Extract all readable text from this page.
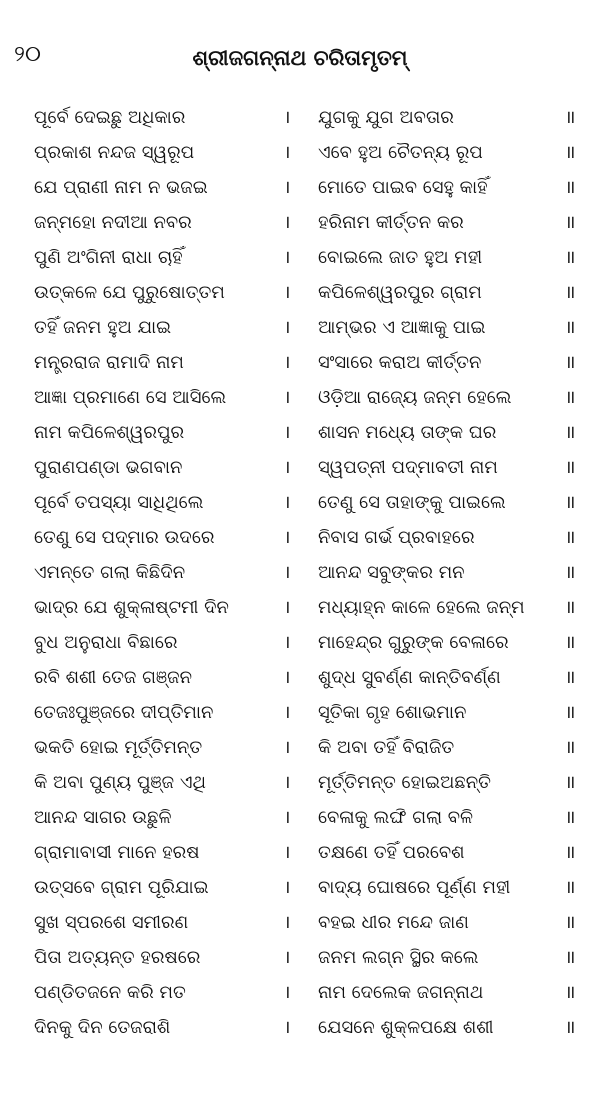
୨୦	ଶ୍ରୀଜଗନ୍ନାଥ ଚରିତାମୃତମ୍
ପୂର୍ବେ ଦେଇଛୁ ଅଧିକାର	। ଯୁଗକୁ ଯୁଗ ଅବତାର	॥
ପ୍ରକାଶ ନନ୍ଦଜ ସ୍ୱରୂପ	। ଏବେ ହୁଅ ଚୈତନ୍ୟ ରୂପ	॥
ଯେ ପ୍ରାଣୀ ନାମ ନ ଭଜଇ	। ମୋତେ ପାଇବ ସେହୁ କାହିଁ	॥
ଜନ୍ମହୋ ନଦୀଆ ନବର	। ହରିନାମ କୀର୍ତ୍ତନ କର	॥
ପୁଣି ଅଂଗିନୀ ରାଧା ଚାହିଁ	। ବୋଇଲେ ଜାତ ହୁଅ ମହୀ	॥
ଉତ୍କଳେ ଯେ ପୁରୁଷୋତ୍ତମ	। କପିଳେଶ୍ୱରପୁର ଗ୍ରାମ	॥
ତହିଁ ଜନମ ହୁଅ ଯାଇ	। ଆମ୍ଭର ଏ ଆଜ୍ଞାକୁ ପାଇ	॥
ମନ୍ତ୍ରରାଜ ରାମାଦି ନାମ	। ସଂସାରେ କରାଅ କୀର୍ତ୍ତନ	॥
ଆଜ୍ଞା ପ୍ରମାଣେ ସେ ଆସିଲେ	। ଓଡ଼ିଆ ରାଜ୍ୟେ ଜନ୍ମ ହେଲେ	॥
ନାମ କପିଳେଶ୍ୱରପୁର	। ଶାସନ ମଧ୍ୟେ ତାଙ୍କ ଘର	॥
ପୁରାଣପଣ୍ଡା ଭଗବାନ	। ସ୍ୱପତ୍ନୀ ପଦ୍ମାବତୀ ନାମ	॥
ପୂର୍ବେ ତପସ୍ୟା ସାଧିଥିଲେ	। ତେଣୁ ସେ ତାହାଙ୍କୁ ପାଇଲେ	॥
ତେଣୁ ସେ ପଦ୍ମାର ଉଦରେ	। ନିବାସ ଗର୍ଭ ପ୍ରବାହରେ	॥
ଏମନ୍ତେ ଗଲା କିଛିଦିନ	। ଆନନ୍ଦ ସବୁଙ୍କର ମନ	॥
ଭାଦ୍ର ଯେ ଶୁକ୍ଳାଷ୍ଟମୀ ଦିନ	। ମଧ୍ୟାହ୍ନ କାଳେ ହେଲେ ଜନ୍ମ	॥
ବୁଧ ଅନୁରାଧା ବିଛାରେ	। ମାହେନ୍ଦ୍ର ଗୁରୁଙ୍କ ବେଳାରେ	॥
ରବି ଶଶୀ ତେଜ ଗଞ୍ଜନ	। ଶୁଦ୍ଧ ସୁବର୍ଣ୍ଣ କାନ୍ତିବର୍ଣ୍ଣ	॥
ତେଜଃପୁଞ୍ଜରେ ଦୀପ୍ତିମାନ	। ସୂତିକା ଗୃହ ଶୋଭମାନ	॥
ଭକତି ହୋଇ ମୂର୍ତ୍ତିମନ୍ତ	। କି ଅବା ତହିଁ ବିରାଜିତ	॥
କି ଅବା ପୁଣ୍ୟ ପୁଞ୍ଜ ଏଥି	। ମୂର୍ତ୍ତିମନ୍ତ ହୋଇଅଛନ୍ତି	॥
ଆନନ୍ଦ ସାଗର ଉଛୁଳି	। ବେଳାକୁ ଲଙ୍ଘି ଗଲା ବଳି	॥
ଗ୍ରାମାବାସୀ ମାନେ ହରଷ	। ତକ୍ଷଣେ ତହିଁ ପରବେଶ	॥
ଉତ୍ସବେ ଗ୍ରାମ ପୂରିଯାଇ	। ବାଦ୍ୟ ଘୋଷରେ ପୂର୍ଣ୍ଣ ମହୀ	॥
ସୁଖ ସ୍ପରଶେ ସମୀରଣ	। ବହଇ ଧୀର ମନ୍ଦେ ଜାଣ	॥
ପିତା ଅତ୍ୟନ୍ତ ହରଷରେ	। ଜନମ ଲଗ୍ନ ସ୍ଥିର କଲେ	॥
ପଣ୍ଡିତଜନେ କରି ମତ	। ନାମ ଦେଲେକ ଜଗନ୍ନାଥ	॥
ଦିନକୁ ଦିନ ତେଜରାଶି	। ଯେସନେ ଶୁକ୍ଳପକ୍ଷେ ଶଶୀ	॥
